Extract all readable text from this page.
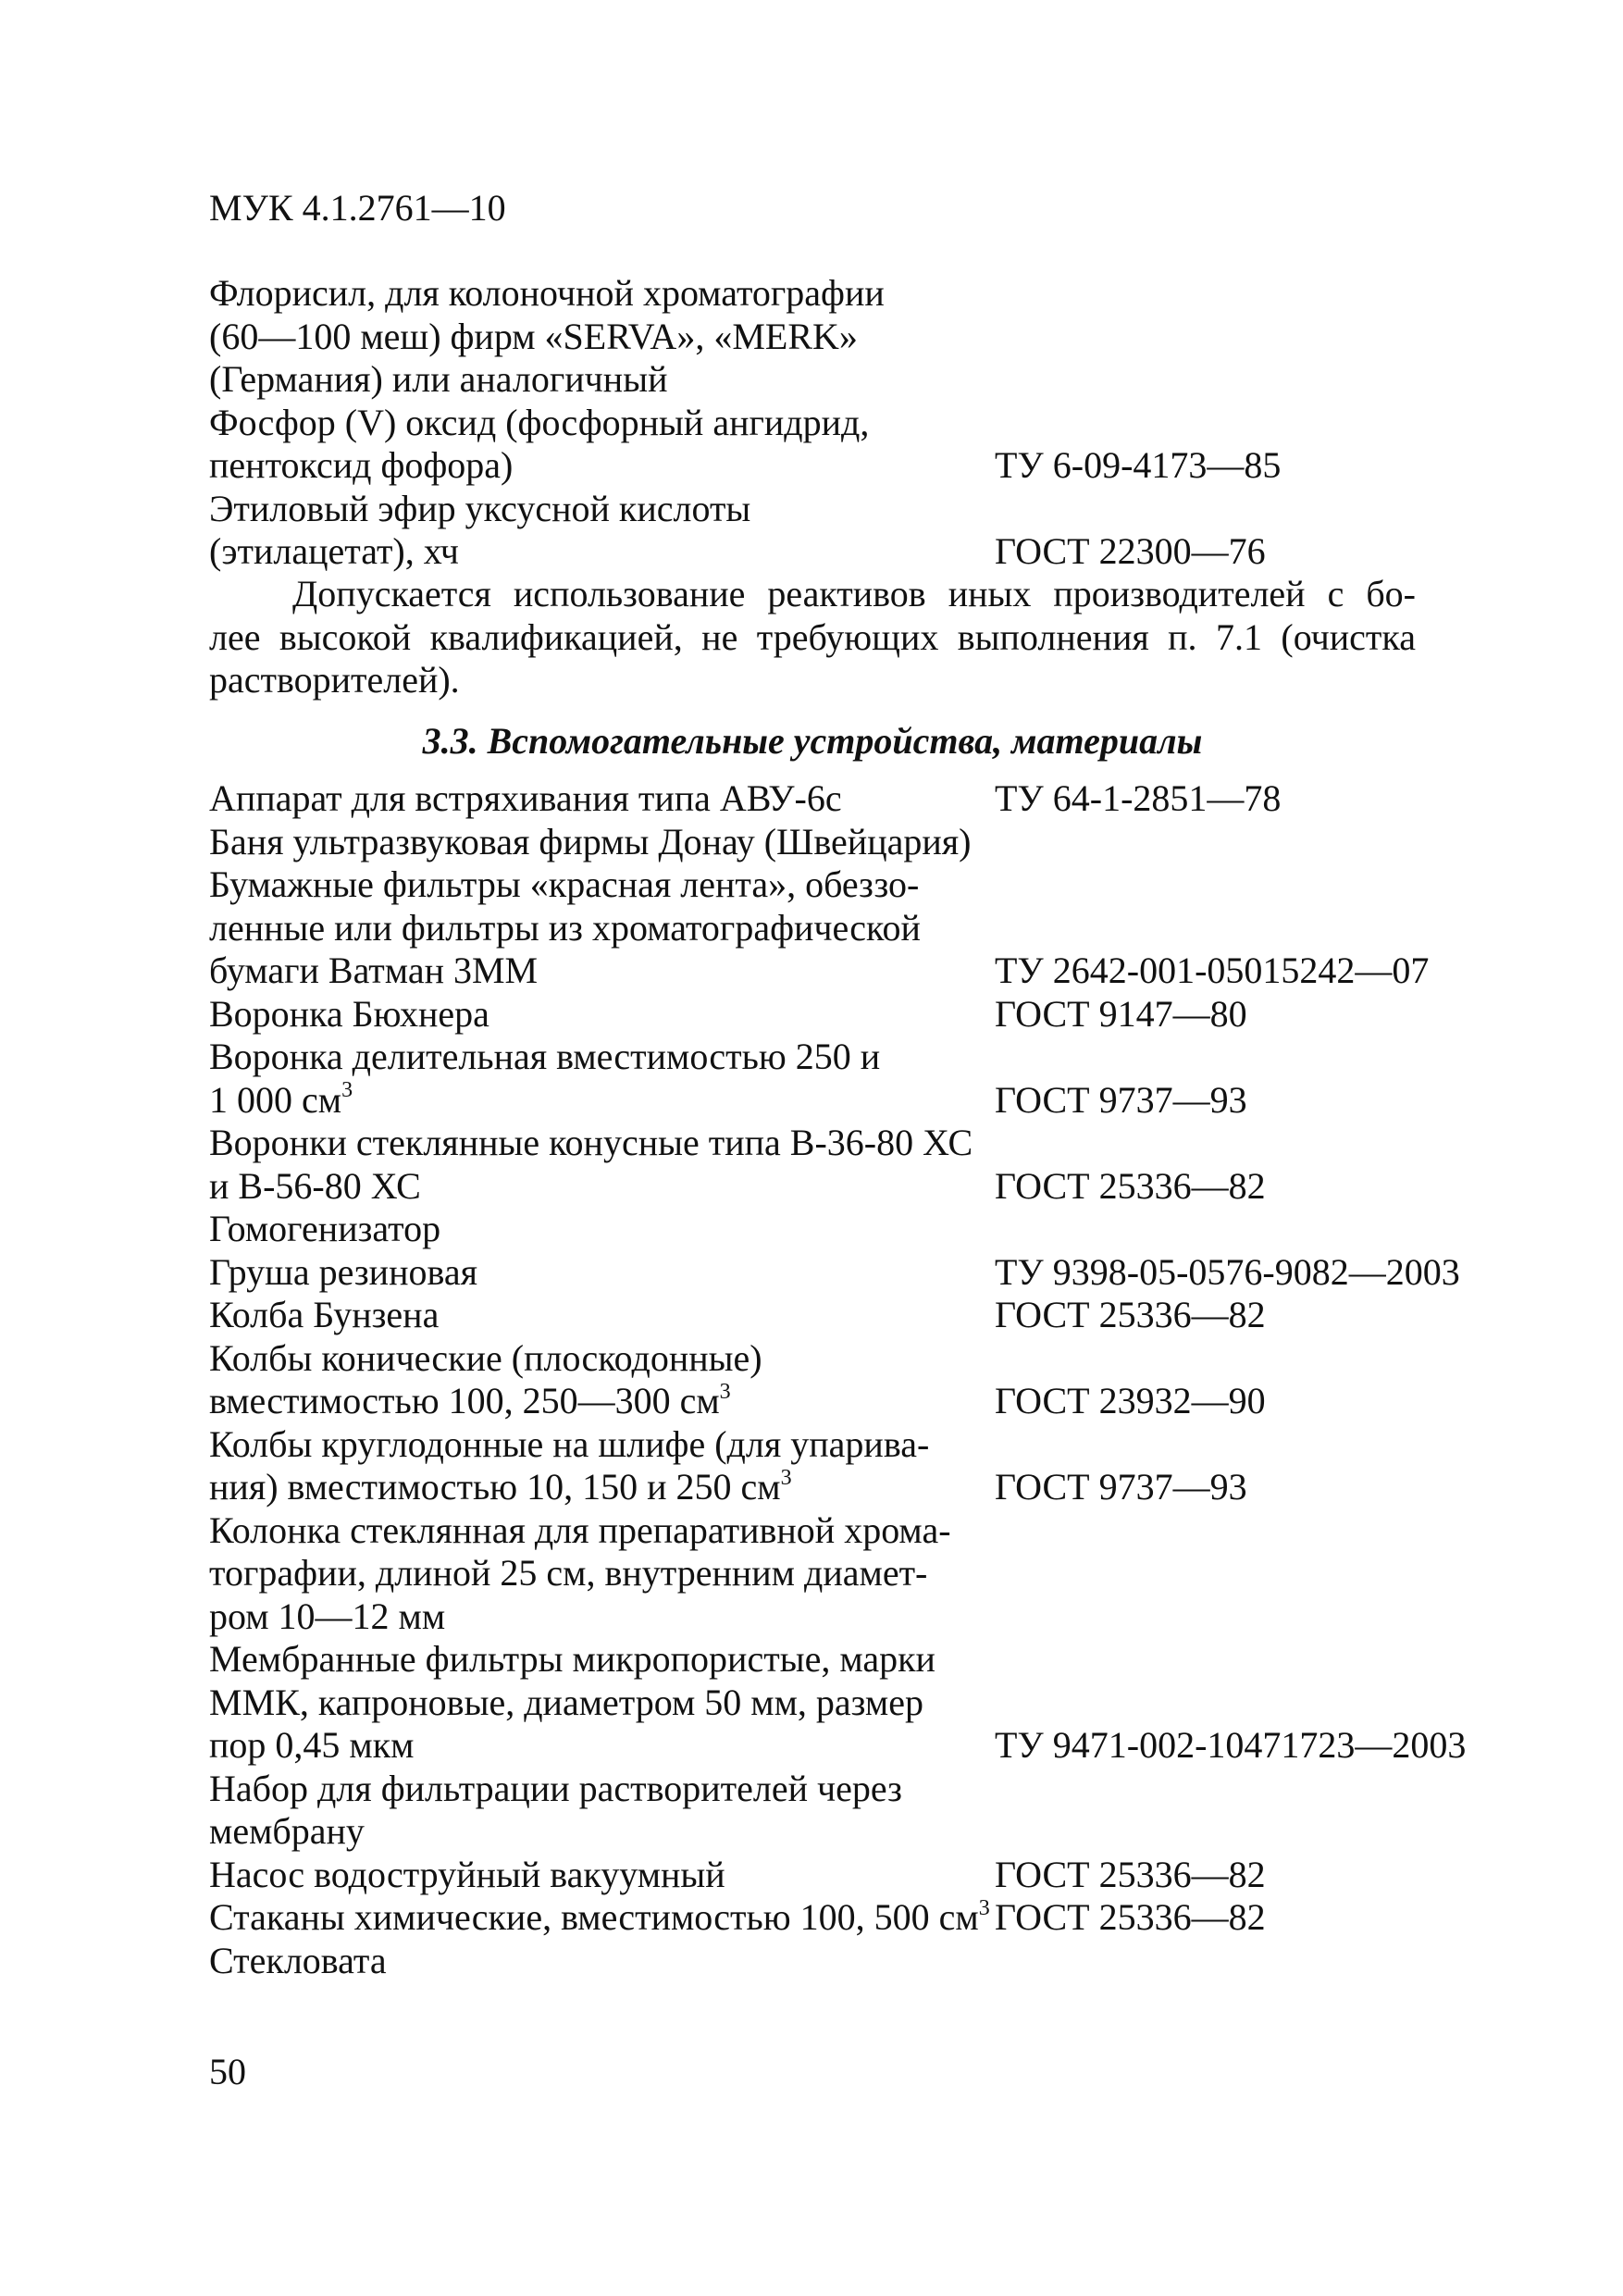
МУК 4.1.2761—10
Флорисил, для колоночной хроматографии
(60—100 меш) фирм «SERVA», «MERK»
(Германия) или аналогичный
Фосфор (V) оксид (фосфорный ангидрид,
пентоксид фофора)	ТУ 6-09-4173—85
Этиловый эфир уксусной кислоты
(этилацетат), хч	ГОСТ 22300—76
Допускается использование реактивов иных производителей с бо-
лее высокой квалификацией, не требующих выполнения п. 7.1 (очистка
растворителей).
3.3. Вспомогательные устройства, материалы
Аппарат для встряхивания типа АВУ-6с	ТУ 64-1-2851—78
Баня ультразвуковая фирмы Донау (Швейцария)
Бумажные фильтры «красная лента», обеззо-
ленные или фильтры из хроматографической
бумаги Ватман 3ММ	ТУ 2642-001-05015242—07
Воронка Бюхнера	ГОСТ 9147—80
Воронка делительная вместимостью 250 и
1 000 $см^3$	ГОСТ 9737—93
Воронки стеклянные конусные типа В-36-80 ХС
и В-56-80 ХС	ГОСТ 25336—82
Гомогенизатор
Груша резиновая	ТУ 9398-05-0576-9082—2003
Колба Бунзена	ГОСТ 25336—82
Колбы конические (плоскодонные)
вместимостью 100, 250—300 $см^3$	ГОСТ 23932—90
Колбы круглодонные на шлифе (для упарива-
ния) вместимостью 10, 150 и 250 $см^3$	ГОСТ 9737—93
Колонка стеклянная для препаративной хрома-
тографии, длиной 25 см, внутренним диамет-
ром 10—12 мм
Мембранные фильтры микропористые, марки
ММК, капроновые, диаметром 50 мм, размер
пор 0,45 мкм	ТУ 9471-002-10471723—2003
Набор для фильтрации растворителей через
мембрану
Насос водоструйный вакуумный	ГОСТ 25336—82
Стаканы химические, вместимостью 100, 500 $см^3$ ГОСТ 25336—82
Стекловата
50
